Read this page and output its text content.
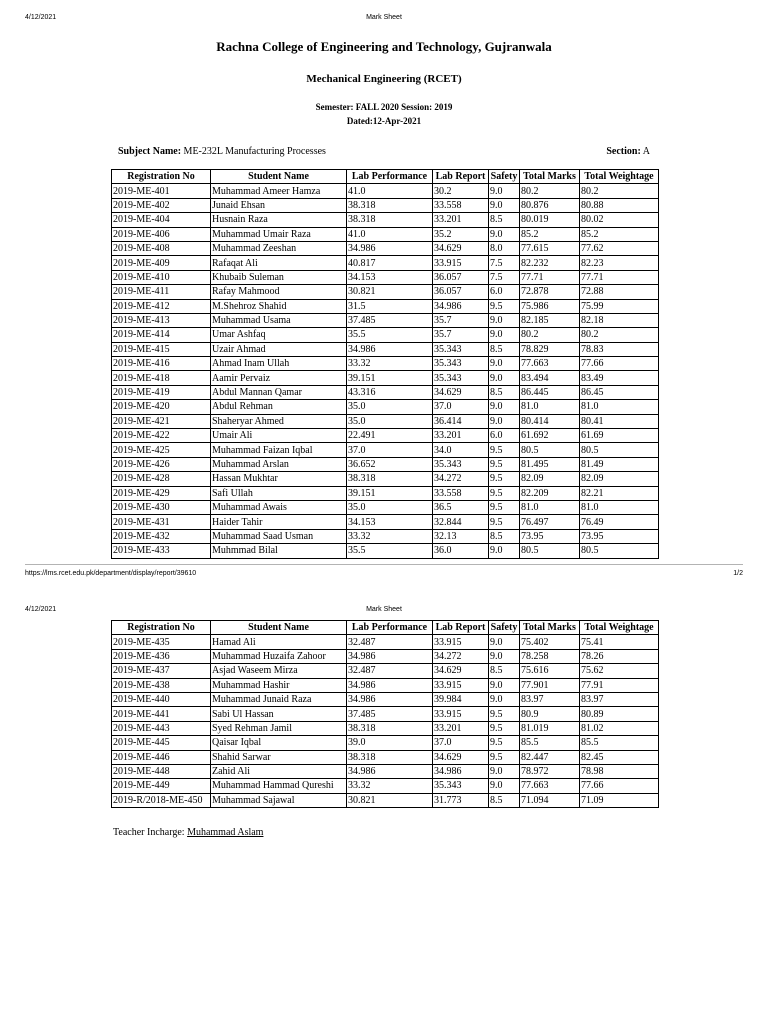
4/12/2021	Mark Sheet
Rachna College of Engineering and Technology, Gujranwala
Mechanical Engineering (RCET)
Semester: FALL 2020 Session: 2019
Dated:12-Apr-2021
Subject Name: ME-232L Manufacturing Processes	Section: A
Registration No	Student Name	Lab Performance	Lab Report	Safety	Total Marks	Total Weightage
2019-ME-401	Muhammad Ameer Hamza	41.0	30.2	9.0	80.2	80.2
2019-ME-402	Junaid Ehsan	38.318	33.558	9.0	80.876	80.88
2019-ME-404	Husnain Raza	38.318	33.201	8.5	80.019	80.02
2019-ME-406	Muhammad Umair Raza	41.0	35.2	9.0	85.2	85.2
2019-ME-408	Muhammad Zeeshan	34.986	34.629	8.0	77.615	77.62
2019-ME-409	Rafaqat Ali	40.817	33.915	7.5	82.232	82.23
2019-ME-410	Khubaib Suleman	34.153	36.057	7.5	77.71	77.71
2019-ME-411	Rafay Mahmood	30.821	36.057	6.0	72.878	72.88
2019-ME-412	M.Shehroz Shahid	31.5	34.986	9.5	75.986	75.99
2019-ME-413	Muhammad Usama	37.485	35.7	9.0	82.185	82.18
2019-ME-414	Umar Ashfaq	35.5	35.7	9.0	80.2	80.2
2019-ME-415	Uzair Ahmad	34.986	35.343	8.5	78.829	78.83
2019-ME-416	Ahmad Inam Ullah	33.32	35.343	9.0	77.663	77.66
2019-ME-418	Aamir Pervaiz	39.151	35.343	9.0	83.494	83.49
2019-ME-419	Abdul Mannan Qamar	43.316	34.629	8.5	86.445	86.45
2019-ME-420	Abdul Rehman	35.0	37.0	9.0	81.0	81.0
2019-ME-421	Shaheryar Ahmed	35.0	36.414	9.0	80.414	80.41
2019-ME-422	Umair Ali	22.491	33.201	6.0	61.692	61.69
2019-ME-425	Muhammad Faizan Iqbal	37.0	34.0	9.5	80.5	80.5
2019-ME-426	Muhammad Arslan	36.652	35.343	9.5	81.495	81.49
2019-ME-428	Hassan Mukhtar	38.318	34.272	9.5	82.09	82.09
2019-ME-429	Safi Ullah	39.151	33.558	9.5	82.209	82.21
2019-ME-430	Muhammad Awais	35.0	36.5	9.5	81.0	81.0
2019-ME-431	Haider Tahir	34.153	32.844	9.5	76.497	76.49
2019-ME-432	Muhammad Saad Usman	33.32	32.13	8.5	73.95	73.95
2019-ME-433	Muhmmad Bilal	35.5	36.0	9.0	80.5	80.5
https://lms.rcet.edu.pk/department/display/report/39610	1/2
4/12/2021	Mark Sheet
Registration No	Student Name	Lab Performance	Lab Report	Safety	Total Marks	Total Weightage
2019-ME-435	Hamad Ali	32.487	33.915	9.0	75.402	75.41
2019-ME-436	Muhammad Huzaifa Zahoor	34.986	34.272	9.0	78.258	78.26
2019-ME-437	Asjad Waseem Mirza	32.487	34.629	8.5	75.616	75.62
2019-ME-438	Muhammad Hashir	34.986	33.915	9.0	77.901	77.91
2019-ME-440	Muhammad Junaid Raza	34.986	39.984	9.0	83.97	83.97
2019-ME-441	Sabi Ul Hassan	37.485	33.915	9.5	80.9	80.89
2019-ME-443	Syed Rehman Jamil	38.318	33.201	9.5	81.019	81.02
2019-ME-445	Qaisar Iqbal	39.0	37.0	9.5	85.5	85.5
2019-ME-446	Shahid Sarwar	38.318	34.629	9.5	82.447	82.45
2019-ME-448	Zahid Ali	34.986	34.986	9.0	78.972	78.98
2019-ME-449	Muhammad Hammad Qureshi	33.32	35.343	9.0	77.663	77.66
2019-R/2018-ME-450	Muhammad Sajawal	30.821	31.773	8.5	71.094	71.09
Teacher Incharge: Muhammad Aslam
